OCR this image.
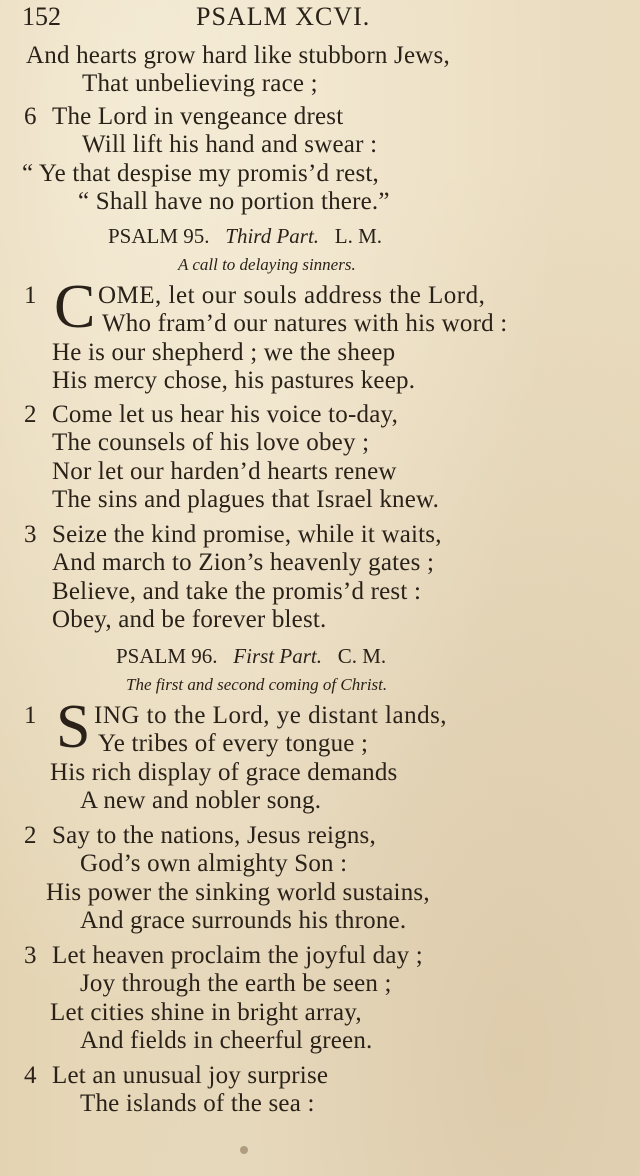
152	PSALM XCVI.
And hearts grow hard like stubborn Jews,
That unbelieving race ;
6 The Lord in vengeance drest
Will lift his hand and swear :
“ Ye that despise my promis’d rest,
“ Shall have no portion there.”
PSALM 95. Third Part. L. M.
A call to delaying sinners.
1 C OME, let our souls address the Lord,
Who fram’d our natures with his word :
He is our shepherd ; we the sheep
His mercy chose, his pastures keep.
2 Come let us hear his voice to-day,
The counsels of his love obey ;
Nor let our harden’d hearts renew
The sins and plagues that Israel knew.
3 Seize the kind promise, while it waits,
And march to Zion’s heavenly gates ;
Believe, and take the promis’d rest :
Obey, and be forever blest.
PSALM 96. First Part. C. M.
The first and second coming of Christ.
1 S ING to the Lord, ye distant lands,
Ye tribes of every tongue ;
His rich display of grace demands
A new and nobler song.
2 Say to the nations, Jesus reigns,
God’s own almighty Son :
His power the sinking world sustains,
And grace surrounds his throne.
3 Let heaven proclaim the joyful day ;
Joy through the earth be seen ;
Let cities shine in bright array,
And fields in cheerful green.
4 Let an unusual joy surprise
The islands of the sea :
